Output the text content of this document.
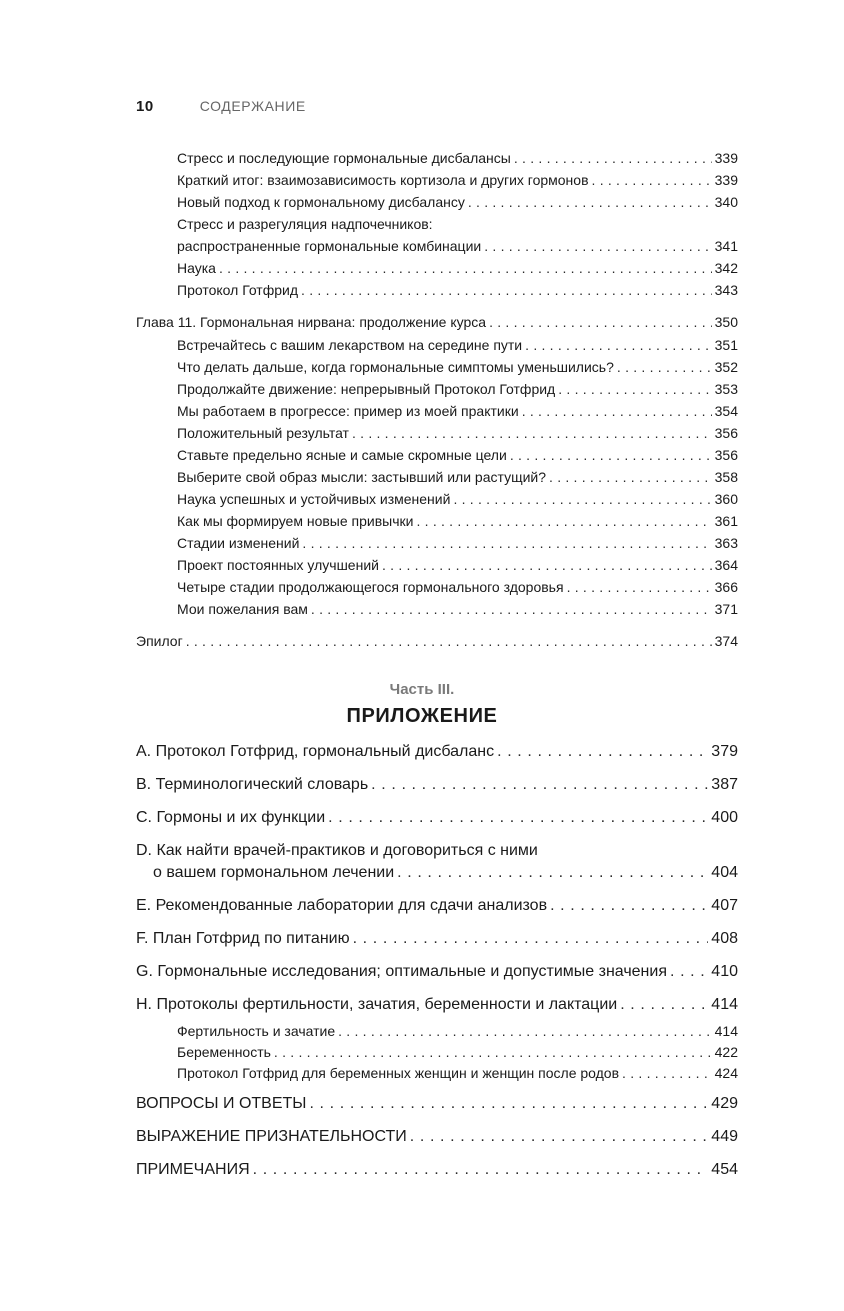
10	СОДЕРЖАНИЕ
Стресс и последующие гормональные дисбалансы . . .	339
Краткий итог: взаимозависимость кортизола и других гормонов . . .	339
Новый подход к гормональному дисбалансу . . .	340
Стресс и разрегуляция надпочечников:
распространенные гормональные комбинации . . .	341
Наука . . .	342
Протокол Готфрид . . .	343
Глава 11. Гормональная нирвана: продолжение курса . . .	350
Встречайтесь с вашим лекарством на середине пути . . .	351
Что делать дальше, когда гормональные симптомы уменьшились? . . .	352
Продолжайте движение: непрерывный Протокол Готфрид . . .	353
Мы работаем в прогрессе: пример из моей практики . . .	354
Положительный результат . . .	356
Ставьте предельно ясные и самые скромные цели . . .	356
Выберите свой образ мысли: застывший или растущий? . . .	358
Наука успешных и устойчивых изменений . . .	360
Как мы формируем новые привычки . . .	361
Стадии изменений . . .	363
Проект постоянных улучшений . . .	364
Четыре стадии продолжающегося гормонального здоровья . . .	366
Мои пожелания вам . . .	371
Эпилог . . .	374
Часть III.
ПРИЛОЖЕНИЕ
A. Протокол Готфрид, гормональный дисбаланс . . .	379
B. Терминологический словарь . . .	387
C. Гормоны и их функции . . .	400
D. Как найти врачей-практиков и договориться с ними
о вашем гормональном лечении . . .	404
E. Рекомендованные лаборатории для сдачи анализов . . .	407
F. План Готфрид по питанию . . .	408
G. Гормональные исследования; оптимальные и допустимые значения . . .	410
H. Протоколы фертильности, зачатия, беременности и лактации . . .	414
Фертильность и зачатие . . .	414
Беременность . . .	422
Протокол Готфрид для беременных женщин и женщин после родов . . .	424
ВОПРОСЫ И ОТВЕТЫ . . .	429
ВЫРАЖЕНИЕ ПРИЗНАТЕЛЬНОСТИ . . .	449
ПРИМЕЧАНИЯ . . .	454
